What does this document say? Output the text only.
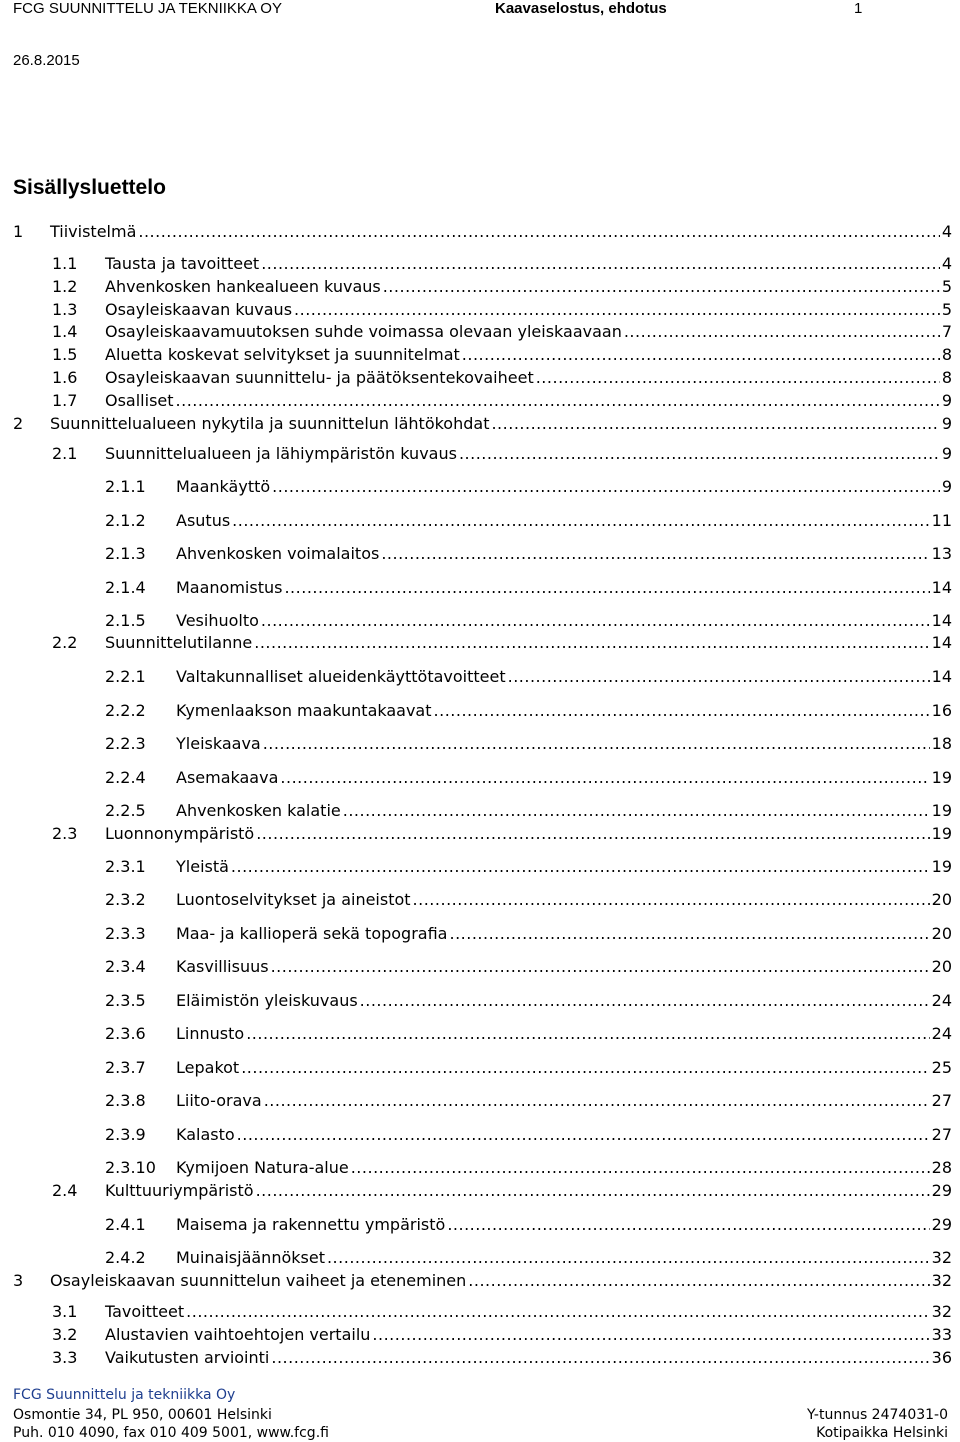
FCG SUUNNITTELU JA TEKNIIKKA OY	Kaavaselostus, ehdotus	1
26.8.2015
Sisällysluettelo
1	Tiivistelmä .....	4
1.1	Tausta ja tavoitteet .....	4
1.2	Ahvenkosken hankealueen kuvaus .....	5
1.3	Osayleiskaavan kuvaus .....	5
1.4	Osayleiskaavamuutoksen suhde voimassa olevaan yleiskaavaan .....	7
1.5	Aluetta koskevat selvitykset ja suunnitelmat .....	8
1.6	Osayleiskaavan suunnittelu- ja päätöksentekovaiheet .....	8
1.7	Osalliset .....	9
2	Suunnittelualueen nykytila ja suunnittelun lähtökohdat .....	9
2.1	Suunnittelualueen ja lähiympäristön kuvaus .....	9
2.1.1	Maankäyttö .....	9
2.1.2	Asutus .....	11
2.1.3	Ahvenkosken voimalaitos .....	13
2.1.4	Maanomistus .....	14
2.1.5	Vesihuolto .....	14
2.2	Suunnittelutilanne .....	14
2.2.1	Valtakunnalliset alueidenkäyttötavoitteet .....	14
2.2.2	Kymenlaakson maakuntakaavat .....	16
2.2.3	Yleiskaava .....	18
2.2.4	Asemakaava .....	19
2.2.5	Ahvenkosken kalatie .....	19
2.3	Luonnonympäristö .....	19
2.3.1	Yleistä .....	19
2.3.2	Luontoselvitykset ja aineistot .....	20
2.3.3	Maa- ja kallioperä sekä topografia .....	20
2.3.4	Kasvillisuus .....	20
2.3.5	Eläimistön yleiskuvaus .....	24
2.3.6	Linnusto .....	24
2.3.7	Lepakot .....	25
2.3.8	Liito-orava .....	27
2.3.9	Kalasto .....	27
2.3.10	Kymijoen Natura-alue .....	28
2.4	Kulttuuriympäristö .....	29
2.4.1	Maisema ja rakennettu ympäristö .....	29
2.4.2	Muinaisjäännökset .....	32
3	Osayleiskaavan suunnittelun vaiheet ja eteneminen .....	32
3.1	Tavoitteet .....	32
3.2	Alustavien vaihtoehtojen vertailu .....	33
3.3	Vaikutusten arviointi .....	36
FCG Suunnittelu ja tekniikka Oy
Osmontie 34, PL 950, 00601 Helsinki
Puh. 010 4090, fax 010 409 5001, www.fcg.fi
Y-tunnus 2474031-0
Kotipaikka Helsinki
